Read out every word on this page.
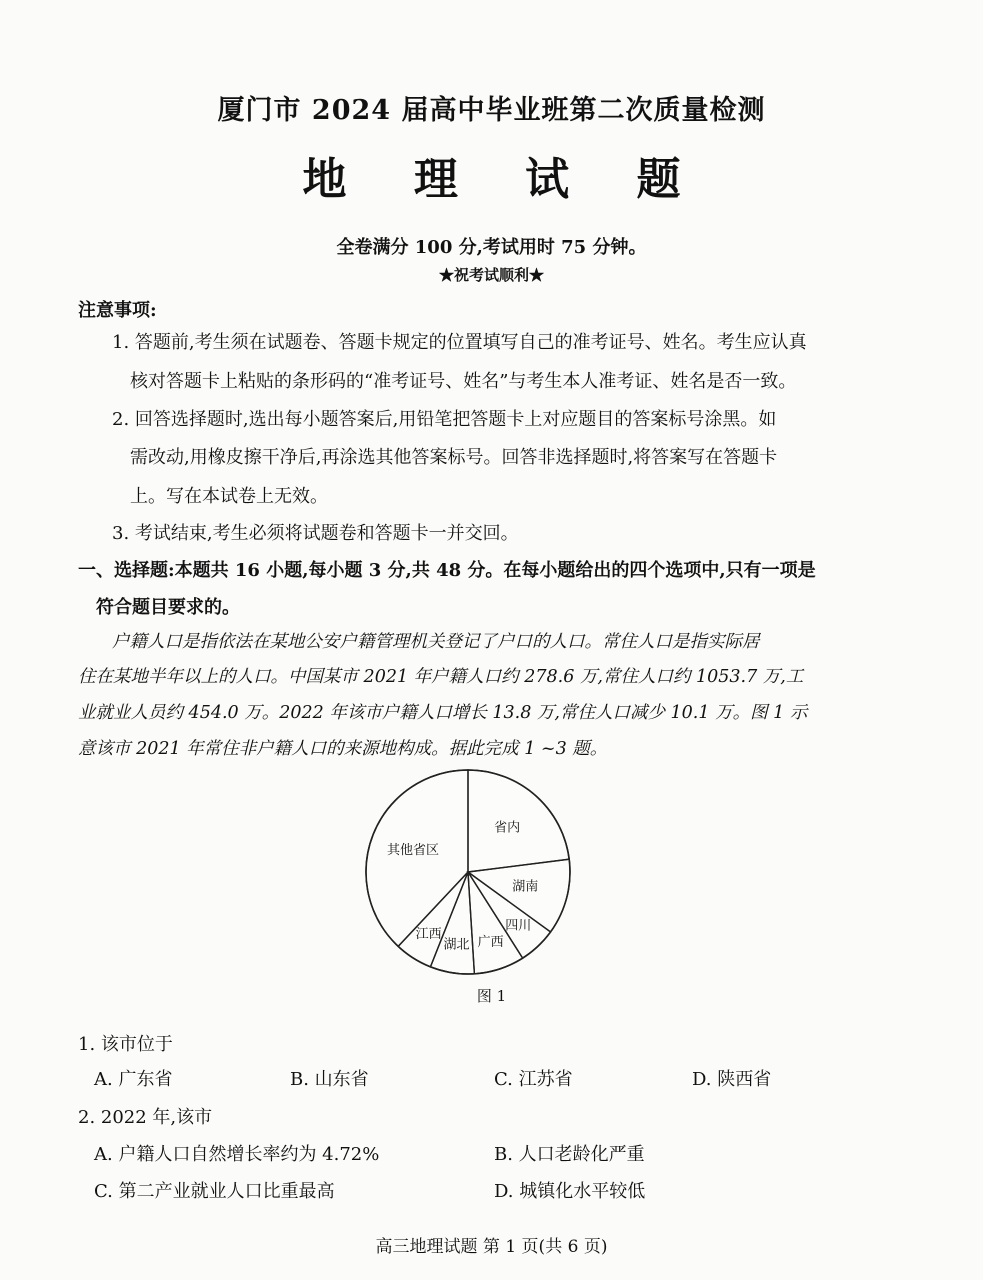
厦门市 2024 届高中毕业班第二次质量检测
地 理 试 题
全卷满分 100 分,考试用时 75 分钟。
★祝考试顺利★
注意事项:
1. 答题前,考生须在试题卷、答题卡规定的位置填写自己的准考证号、姓名。考生应认真
核对答题卡上粘贴的条形码的“准考证号、姓名”与考生本人准考证、姓名是否一致。
2. 回答选择题时,选出每小题答案后,用铅笔把答题卡上对应题目的答案标号涂黑。如
需改动,用橡皮擦干净后,再涂选其他答案标号。回答非选择题时,将答案写在答题卡
上。写在本试卷上无效。
3. 考试结束,考生必须将试题卷和答题卡一并交回。
一、选择题:本题共 16 小题,每小题 3 分,共 48 分。在每小题给出的四个选项中,只有一项是
符合题目要求的。
户籍人口是指依法在某地公安户籍管理机关登记了户口的人口。常住人口是指实际居
住在某地半年以上的人口。中国某市 2021 年户籍人口约 278.6 万,常住人口约 1053.7 万,工
业就业人员约 454.0 万。2022 年该市户籍人口增长 13.8 万,常住人口减少 10.1 万。图 1 示
意该市 2021 年常住非户籍人口的来源地构成。据此完成 1 ~3 题。
省内
湖南
四川
广西
湖北
江西
其他省区
图 1
1. 该市位于
A. 广东省	B. 山东省	C. 江苏省	D. 陕西省
2. 2022 年,该市
A. 户籍人口自然增长率约为 4.72%	B. 人口老龄化严重
C. 第二产业就业人口比重最高	D. 城镇化水平较低
高三地理试题 第 1 页(共 6 页)
